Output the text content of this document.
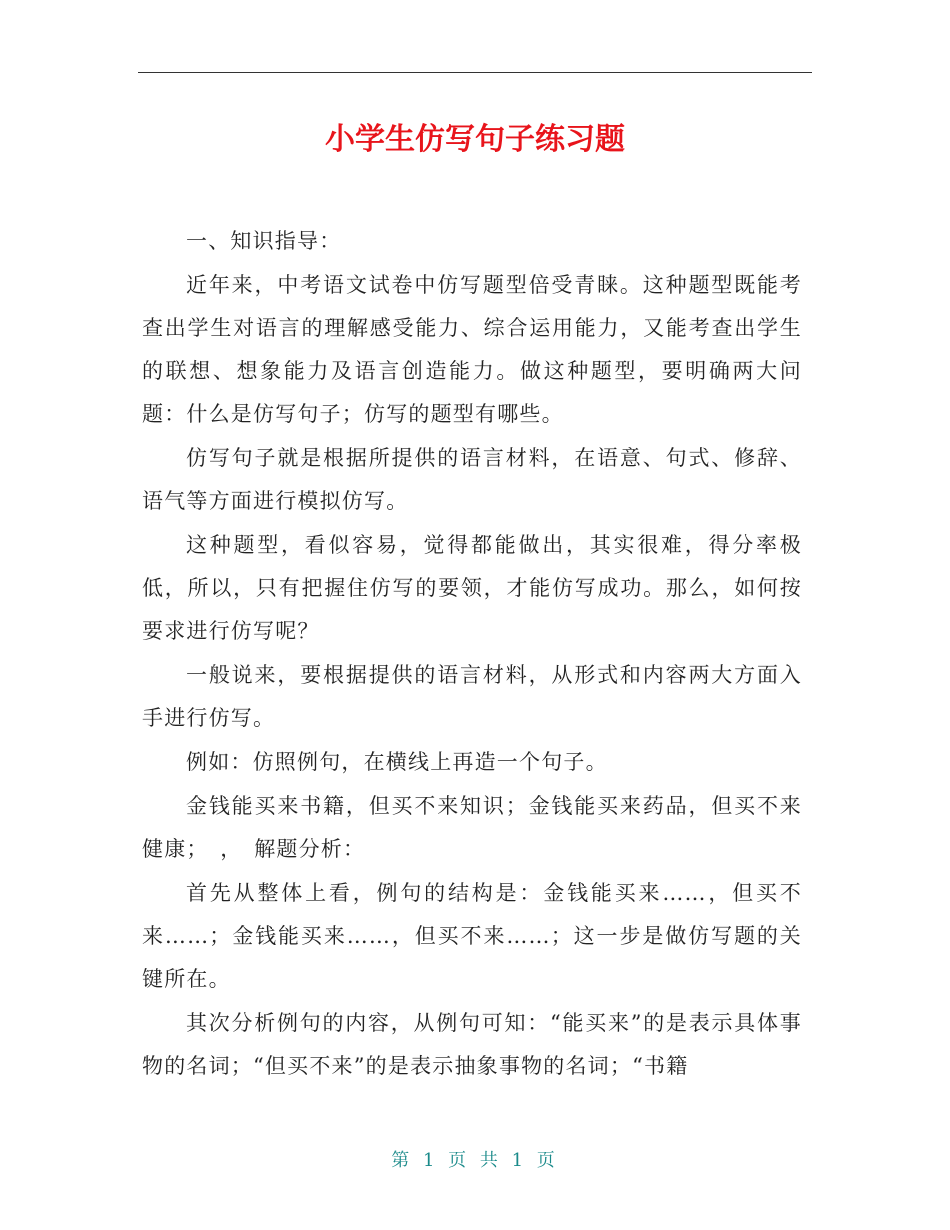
小学生仿写句子练习题

一、知识指导：

近年来，中考语文试卷中仿写题型倍受青睐。这种题型既能考查出学生对语言的理解感受能力、综合运用能力，又能考查出学生的联想、想象能力及语言创造能力。做这种题型，要明确两大问题：什么是仿写句子；仿写的题型有哪些。

仿写句子就是根据所提供的语言材料，在语意、句式、修辞、语气等方面进行模拟仿写。

这种题型，看似容易，觉得都能做出，其实很难，得分率极低，所以，只有把握住仿写的要领，才能仿写成功。那么，如何按要求进行仿写呢？

一般说来，要根据提供的语言材料，从形式和内容两大方面入手进行仿写。

例如：仿照例句，在横线上再造一个句子。

金钱能买来书籍，但买不来知识；金钱能买来药品，但买不来健康；　，　解题分析：

首先从整体上看，例句的结构是：金钱能买来……，但买不来……；金钱能买来……，但买不来……；这一步是做仿写题的关键所在。

其次分析例句的内容，从例句可知：“能买来”的是表示具体事物的名词；“但买不来”的是表示抽象事物的名词；“书籍

第 1 页 共 1 页
